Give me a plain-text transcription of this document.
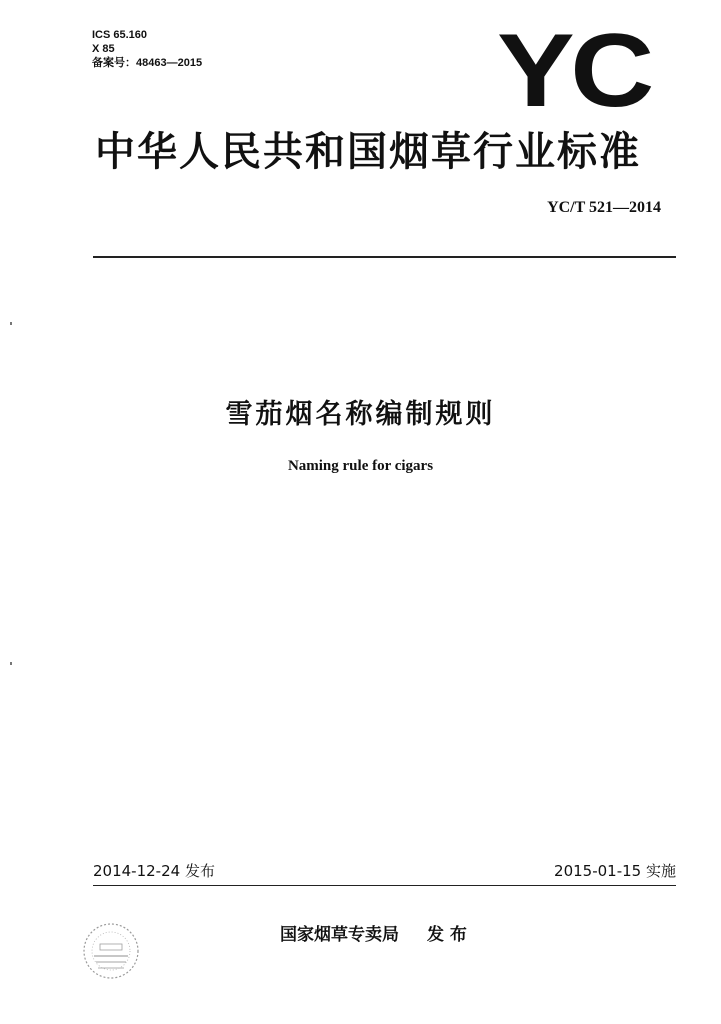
ICS 65.160
X 85
备案号：48463—2015	YC
中华人民共和国烟草行业标准
YC/T 521—2014
雪茄烟名称编制规则
Naming rule for cigars
2014-12-24 发布	2015-01-15 实施
国家烟草专卖局 发 布
